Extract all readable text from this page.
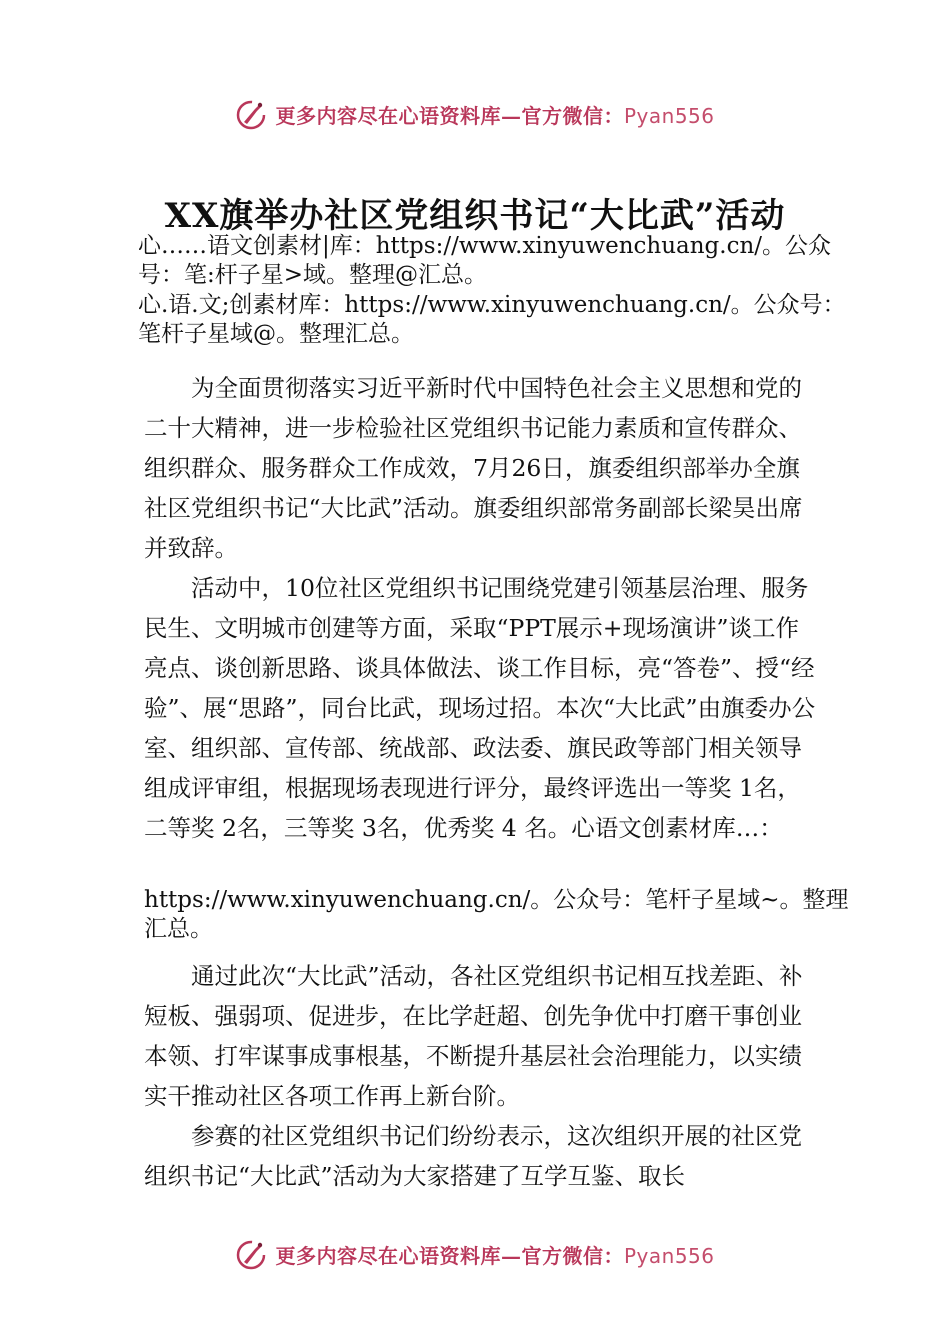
更多内容尽在心语资料库—官方微信：Pyan556
XX旗举办社区党组织书记“大比武”活动

心……语文创素材|库：https://www.xinyuwenchuang.cn/。公众号：笔:杆子星>域。整理@汇总。

心.语.文;创素材库：https://www.xinyuwenchuang.cn/。公众号：笔杆子星域@。整理汇总。

为全面贯彻落实习近平新时代中国特色社会主义思想和党的二十大精神，进一步检验社区党组织书记能力素质和宣传群众、组织群众、服务群众工作成效，7月26日，旗委组织部举办全旗社区党组织书记“大比武”活动。旗委组织部常务副部长梁昊出席并致辞。

活动中，10位社区党组织书记围绕党建引领基层治理、服务民生、文明城市创建等方面，采取“PPT展示+现场演讲”谈工作亮点、谈创新思路、谈具体做法、谈工作目标，亮“答卷”、授“经验”、展“思路”，同台比武，现场过招。本次“大比武”由旗委办公室、组织部、宣传部、统战部、政法委、旗民政等部门相关领导组成评审组，根据现场表现进行评分，最终评选出一等奖 1名，二等奖 2名，三等奖 3名，优秀奖 4 名。心语文创素材库…：

https://www.xinyuwenchuang.cn/。公众号：笔杆子星域~。整理汇总。

通过此次“大比武”活动，各社区党组织书记相互找差距、补短板、强弱项、促进步，在比学赶超、创先争优中打磨干事创业本领、打牢谋事成事根基，不断提升基层社会治理能力，以实绩实干推动社区各项工作再上新台阶。

参赛的社区党组织书记们纷纷表示，这次组织开展的社区党组织书记“大比武”活动为大家搭建了互学互鉴、取长

更多内容尽在心语资料库—官方微信：Pyan556
